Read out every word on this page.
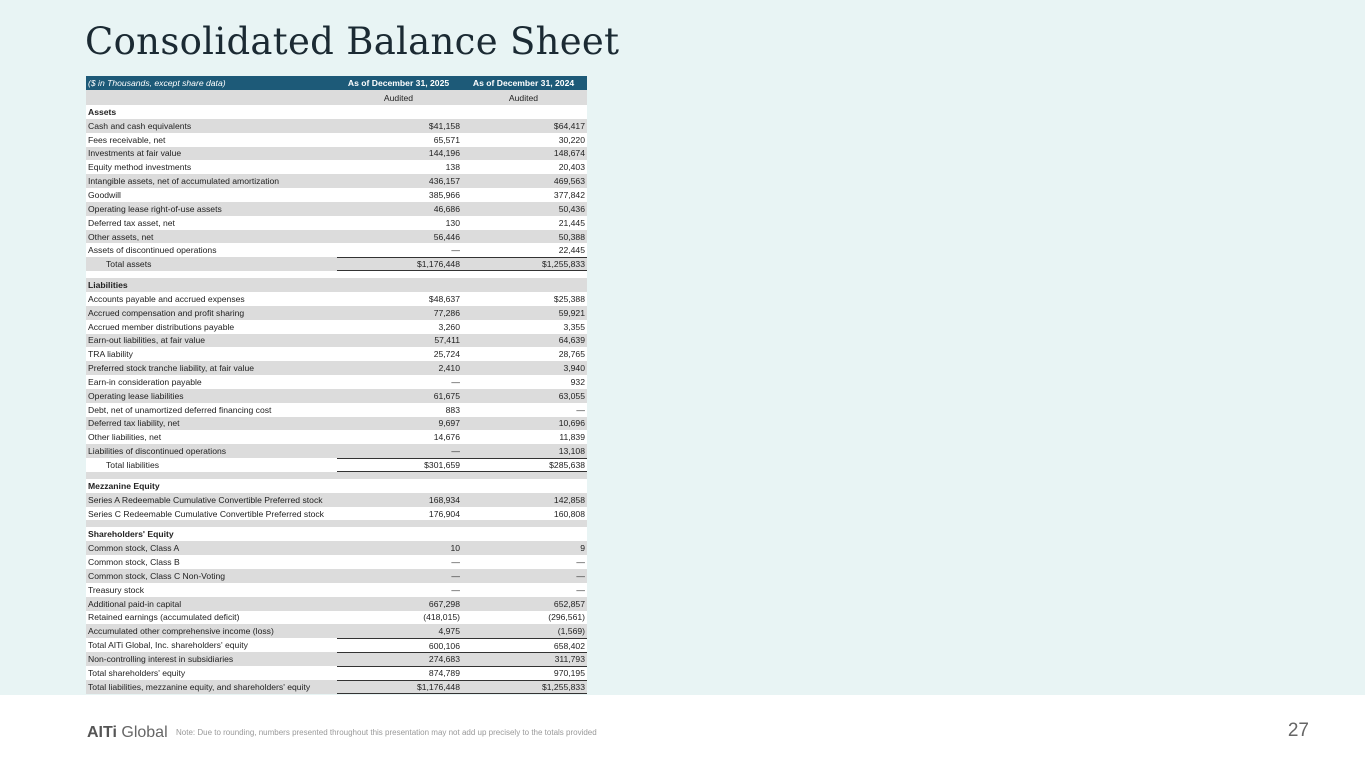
Consolidated Balance Sheet
($ in Thousands, except share data)	As of December 31, 2025	As of December 31, 2024
Audited	Audited
Assets
Cash and cash equivalents	$41,158	$64,417
Fees receivable, net	65,571	30,220
Investments at fair value	144,196	148,674
Equity method investments	138	20,403
Intangible assets, net of accumulated amortization	436,157	469,563
Goodwill	385,966	377,842
Operating lease right-of-use assets	46,686	50,436
Deferred tax asset, net	130	21,445
Other assets, net	56,446	50,388
Assets of discontinued operations	—	22,445
Total assets	$1,176,448	$1,255,833
Liabilities
Accounts payable and accrued expenses	$48,637	$25,388
Accrued compensation and profit sharing	77,286	59,921
Accrued member distributions payable	3,260	3,355
Earn-out liabilities, at fair value	57,411	64,639
TRA liability	25,724	28,765
Preferred stock tranche liability, at fair value	2,410	3,940
Earn-in consideration payable	—	932
Operating lease liabilities	61,675	63,055
Debt, net of unamortized deferred financing cost	883	—
Deferred tax liability, net	9,697	10,696
Other liabilities, net	14,676	11,839
Liabilities of discontinued operations	—	13,108
Total liabilities	$301,659	$285,638
Mezzanine Equity
Series A Redeemable Cumulative Convertible Preferred stock	168,934	142,858
Series C Redeemable Cumulative Convertible Preferred stock	176,904	160,808
Shareholders' Equity
Common stock, Class A	10	9
Common stock, Class B	—	—
Common stock, Class C Non-Voting	—	—
Treasury stock	—	—
Additional paid-in capital	667,298	652,857
Retained earnings (accumulated deficit)	(418,015)	(296,561)
Accumulated other comprehensive income (loss)	4,975	(1,569)
Total AITi Global, Inc. shareholders' equity	600,106	658,402
Non-controlling interest in subsidiaries	274,683	311,793
Total shareholders' equity	874,789	970,195
Total liabilities, mezzanine equity, and shareholders' equity	$1,176,448	$1,255,833
AITi Global Note: Due to rounding, numbers presented throughout this presentation may not add up precisely to the totals provided	27
